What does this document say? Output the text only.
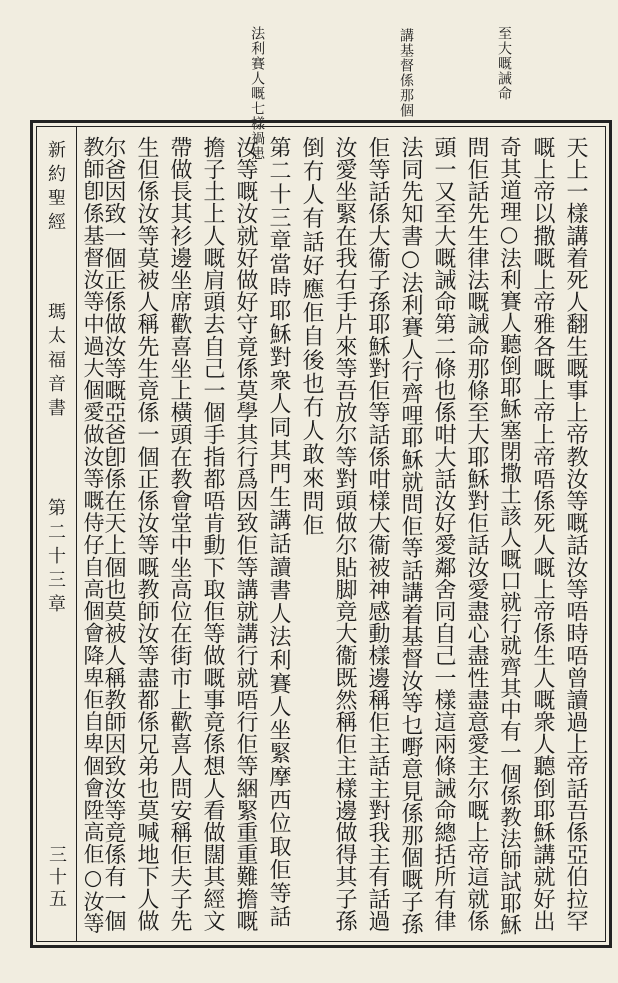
至大嘅誡命
講基督係那個
法利賽人嘅七樣禍患

新約聖經
瑪太福音書
第二十三章
三十五	天上一樣講着死人翻生嘅事上帝教汝等嘅話汝等唔時唔曾讀過上帝話吾係亞伯拉罕
嘅上帝以撒嘅上帝雅各嘅上帝上帝唔係死人嘅上帝係生人嘅衆人聽倒耶穌講就好出
奇其道理○法利賽人聽倒耶穌塞閉撒土該人嘅口就行就齊其中有一個係教法師試耶穌
問佢話先生律法嘅誡命那條至大耶穌對佢話汝愛盡心盡性盡意愛主尔嘅上帝這就係
頭一又至大嘅誡命第二條也係咁大話汝好愛鄰舍同自己一樣這兩條誡命總括所有律
法同先知書○法利賽人行齊哩耶穌就問佢等話講着基督汝等乜嘢意見係那個嘅子孫
佢等話係大衞子孫耶穌對佢等話係咁樣大衞被神感動樣邊稱佢主話主對我主有話過
汝愛坐緊在我右手片來等吾放尔等對頭做尔貼脚竟大衞既然稱佢主樣邊做得其子孫
倒冇人有話好應佢自後也冇人敢來問佢
第二十三章當時耶穌對衆人同其門生講話讀書人法利賽人坐緊摩西位取佢等話
汝等嘅汝就好做好守竟係莫學其行爲因致佢等講就講行就唔行佢等綑緊重重難擔嘅
擔子土上人嘅肩頭去自己一個手指都唔肯動下取佢等做嘅事竟係想人看做闊其經文
帶做長其衫邊坐席歡喜坐上橫頭在教會堂中坐高位在街市上歡喜人問安稱佢夫子先
生但係汝等莫被人稱先生竟係一個正係汝等嘅教師汝等盡都係兄弟也莫喊地下人做
尔爸因致一個正係做汝等嘅亞爸卽係在天上個也莫被人稱教師因致汝等竟係有一個
教師卽係基督汝等中過大個愛做汝等嘅侍仔自高個會降卑佢自卑個會陞高佢○汝等
